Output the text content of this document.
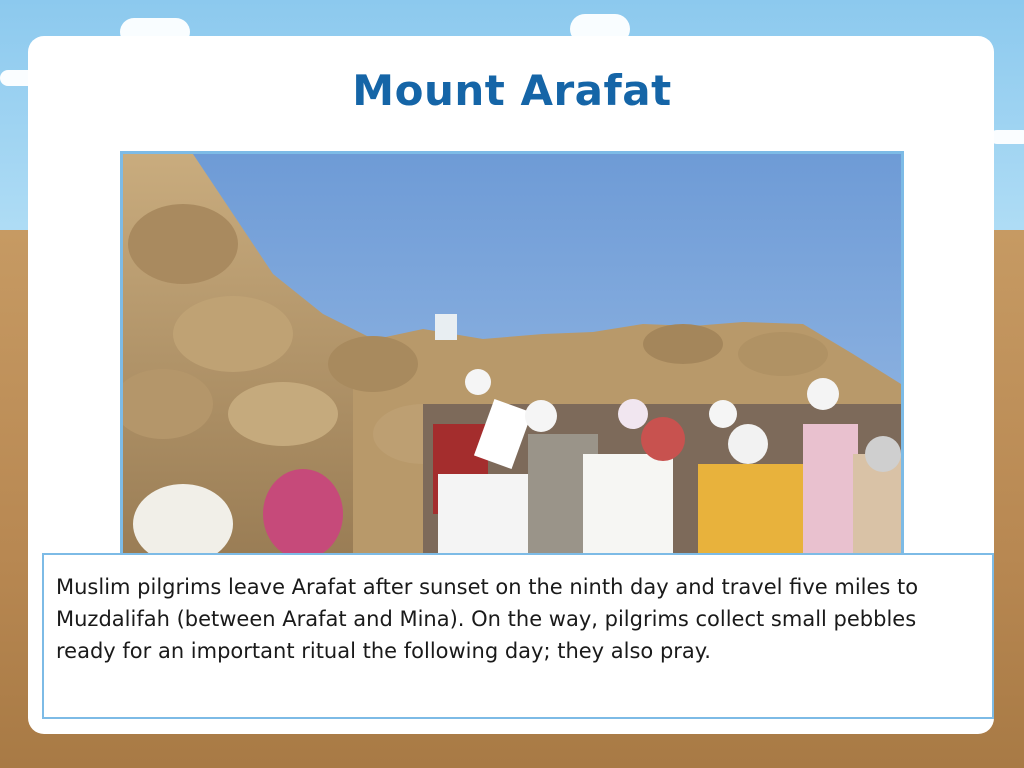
Mount Arafat
Muslim pilgrims leave Arafat after sunset on the ninth day and travel five miles to Muzdalifah (between Arafat and Mina). On the way, pilgrims collect small pebbles ready for an important ritual the following day; they also pray.
